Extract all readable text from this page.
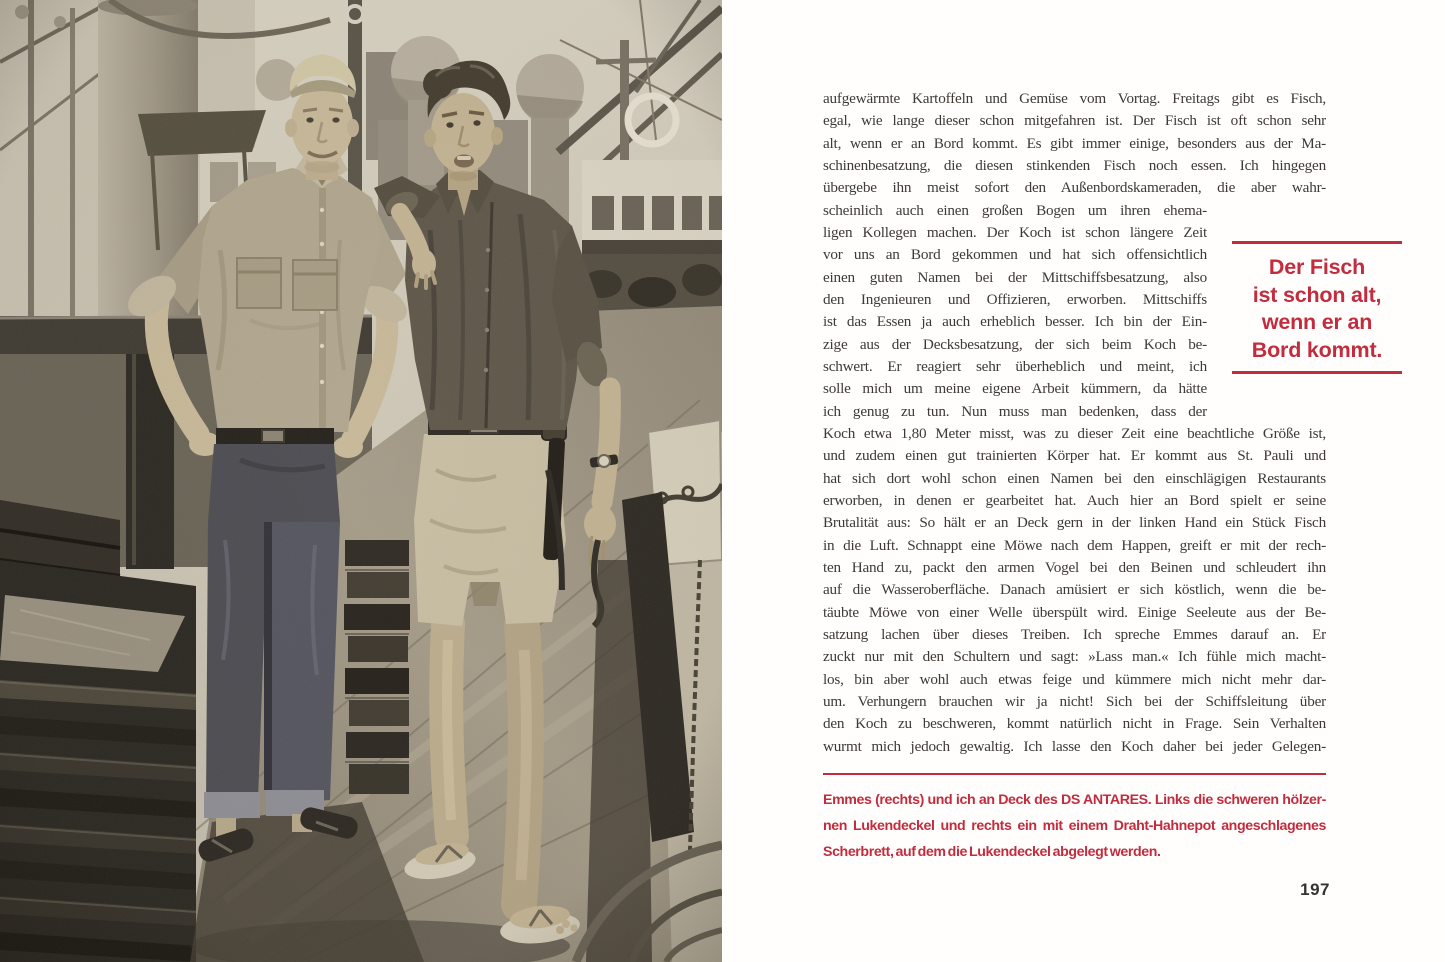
aufgewärmte Kartoffeln und Gemüse vom Vortag. Freitags gibt es Fisch,
egal, wie lange dieser schon mitgefahren ist. Der Fisch ist oft schon sehr
alt, wenn er an Bord kommt. Es gibt immer einige, besonders aus der Ma-
schinenbesatzung, die diesen stinkenden Fisch noch essen. Ich hingegen
übergebe ihn meist sofort den Außenbordskameraden, die aber wahr-
scheinlich auch einen großen Bogen um ihren ehema-
ligen Kollegen machen. Der Koch ist schon längere Zeit
vor uns an Bord gekommen und hat sich offensichtlich
einen guten Namen bei der Mittschiffsbesatzung, also
den Ingenieuren und Offizieren, erworben. Mittschiffs
ist das Essen ja auch erheblich besser. Ich bin der Ein-
zige aus der Decksbesatzung, der sich beim Koch be-
schwert. Er reagiert sehr überheblich und meint, ich
solle mich um meine eigene Arbeit kümmern, da hätte
ich genug zu tun. Nun muss man bedenken, dass der
Koch etwa 1,80 Meter misst, was zu dieser Zeit eine beachtliche Größe ist,
und zudem einen gut trainierten Körper hat. Er kommt aus St. Pauli und
hat sich dort wohl schon einen Namen bei den einschlägigen Restaurants
erworben, in denen er gearbeitet hat. Auch hier an Bord spielt er seine
Brutalität aus: So hält er an Deck gern in der linken Hand ein Stück Fisch
in die Luft. Schnappt eine Möwe nach dem Happen, greift er mit der rech-
ten Hand zu, packt den armen Vogel bei den Beinen und schleudert ihn
auf die Wasseroberfläche. Danach amüsiert er sich köstlich, wenn die be-
täubte Möwe von einer Welle überspült wird. Einige Seeleute aus der Be-
satzung lachen über dieses Treiben. Ich spreche Emmes darauf an. Er
zuckt nur mit den Schultern und sagt: »Lass man.« Ich fühle mich macht-
los, bin aber wohl auch etwas feige und kümmere mich nicht mehr dar-
um. Verhungern brauchen wir ja nicht! Sich bei der Schiffsleitung über
den Koch zu beschweren, kommt natürlich nicht in Frage. Sein Verhalten
wurmt mich jedoch gewaltig. Ich lasse den Koch daher bei jeder Gelegen-
Der Fisch
ist schon alt,
wenn er an
Bord kommt.
Emmes (rechts) und ich an Deck des DS ANTARES. Links die schweren hölzer-
nen Lukendeckel und rechts ein mit einem Draht-Hahnepot angeschlagenes
Scherbrett, auf dem die Lukendeckel abgelegt werden.
197
